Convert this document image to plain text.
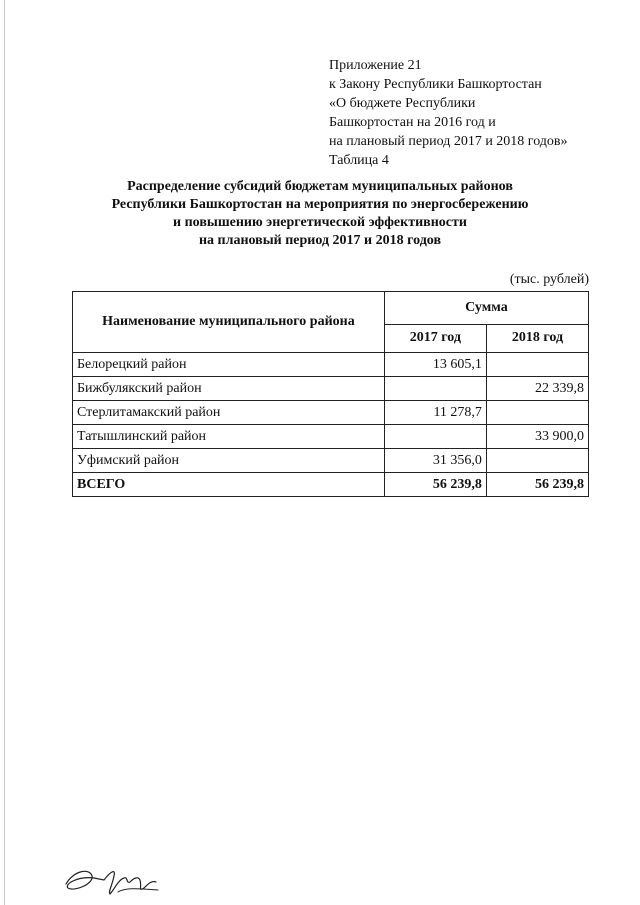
Приложение 21
к Закону Республики Башкортостан
«О бюджете Республики
Башкортостан на 2016 год и
на плановый период 2017 и 2018 годов»
Таблица 4
Распределение субсидий бюджетам муниципальных районов
Республики Башкортостан на мероприятия по энергосбережению
и повышению энергетической эффективности
на плановый период 2017 и 2018 годов
(тыс. рублей)
Наименование муниципального района	Сумма	
	2017 год	2018 год
Белорецкий район	13 605,1	
Бижбулякский район		22 339,8
Стерлитамакский район	11 278,7	
Татышлинский район		33 900,0
Уфимский район	31 356,0	
ВСЕГО	56 239,8	56 239,8
